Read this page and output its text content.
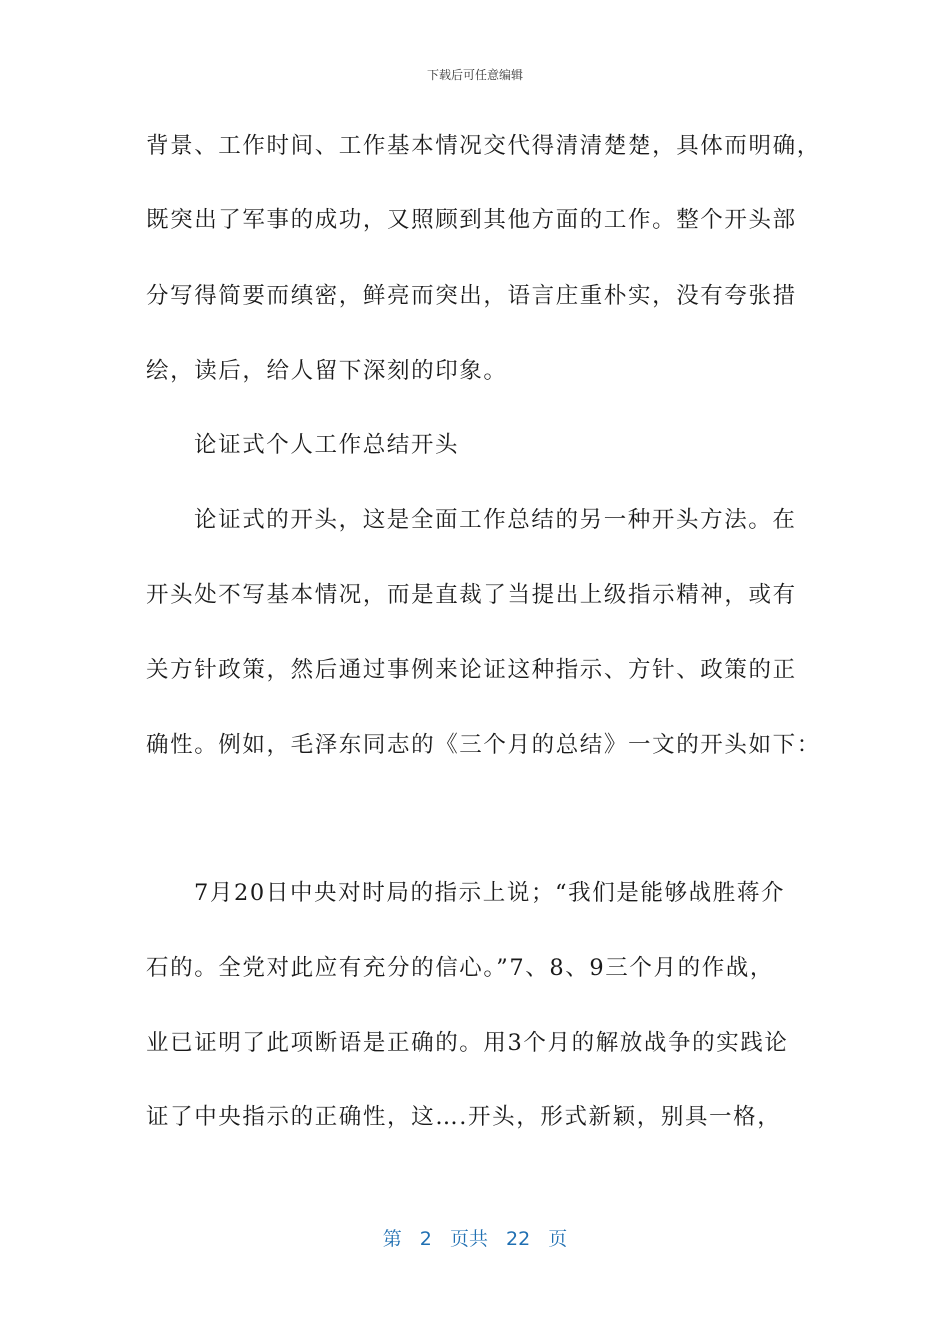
下载后可任意编辑
背景、工作时间、工作基本情况交代得清清楚楚，具体而明确，
既突出了军事的成功，又照顾到其他方面的工作。整个开头部
分写得简要而缜密，鲜亮而突出，语言庄重朴实，没有夸张措
绘，读后，给人留下深刻的印象。
论证式个人工作总结开头
论证式的开头，这是全面工作总结的另一种开头方法。在
开头处不写基本情况，而是直裁了当提出上级指示精神，或有
关方针政策，然后通过事例来论证这种指示、方针、政策的正
确性。例如，毛泽东同志的《三个月的总结》一文的开头如下：
7月20日中央对时局的指示上说；“我们是能够战胜蒋介
石的。全党对此应有充分的信心。”7、8、9三个月的作战，
业已证明了此项断语是正确的。用3个月的解放战争的实践论
证了中央指示的正确性，这….开头，形式新颖，别具一格，
第 2 页共 22 页
